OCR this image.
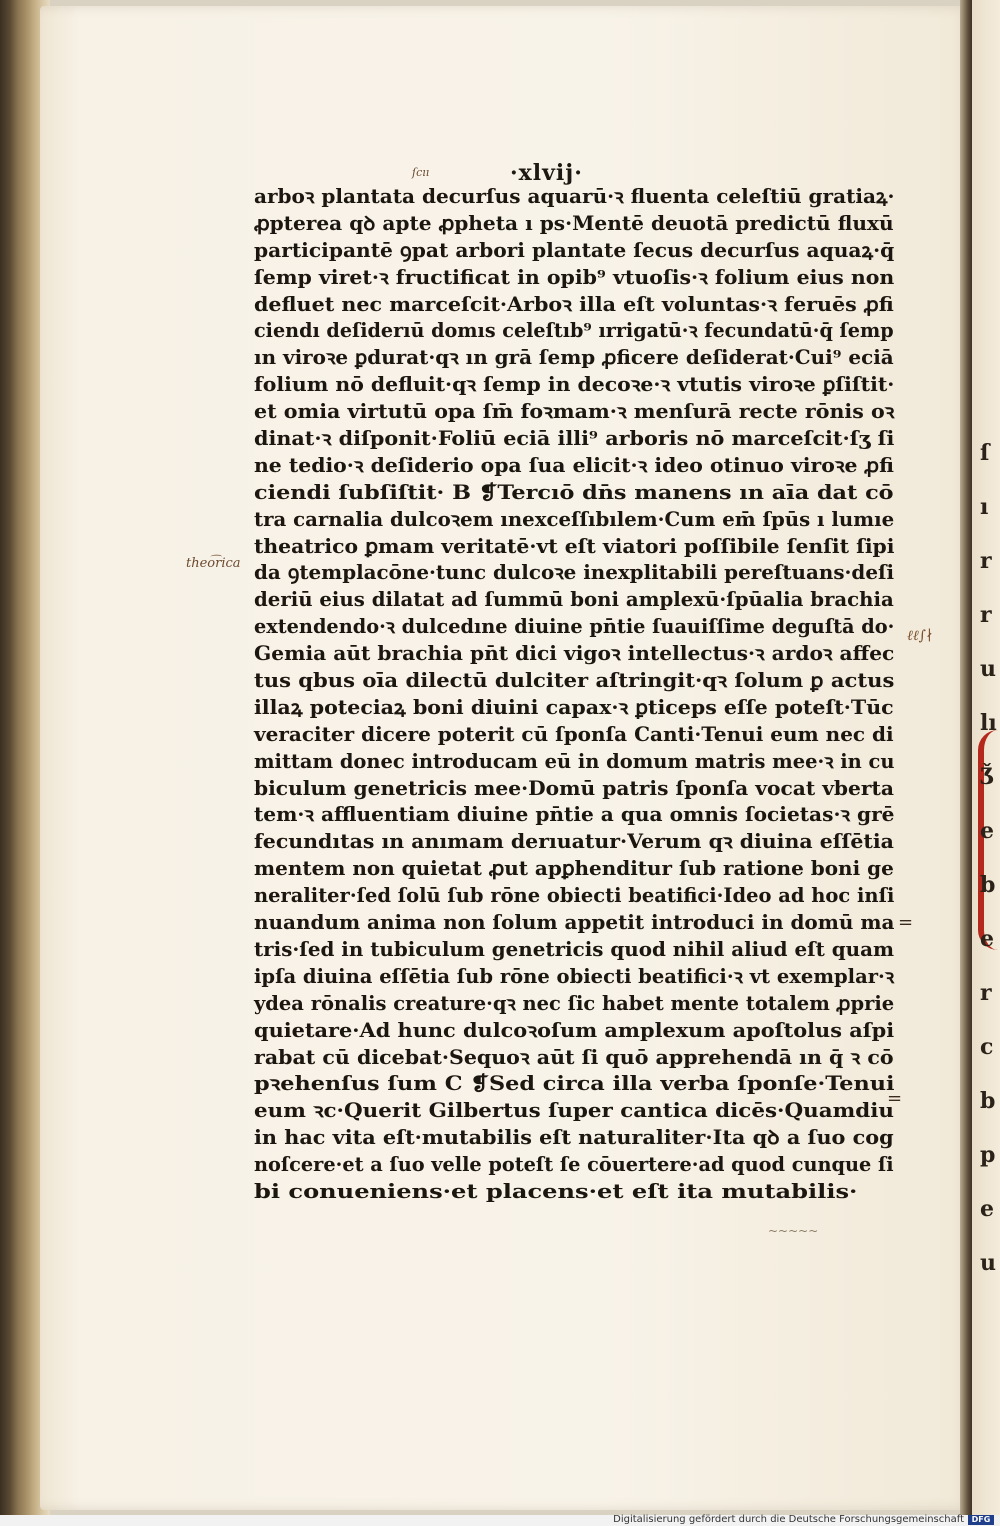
ſ
ı
r
r
u
lı
Ǯ
e
b
e
r
c
b
p
e
u
·xlvij·
ſcıı
theo͡rica
ℓℓ∫∤
=
=
~~~~~
arboꝛ plantata decurſus aquarū·ꝛ fluenta celeſtiū gratiaꝝ·
ꝓpterea qꝺ apte ꝓpheta ı ps·Mentē deuotā predictū fluxū
participantē ꝯpat arbori plantate ſecus decurſus aquaꝝ·q̄
ſemp viret·ꝛ fructificat in opib⁹ vtuoſis·ꝛ folium eius non
defluet nec marceſcit·Arboꝛ illa eſt voluntas·ꝛ feruēs ꝓfi
ciendı deſiderıū domıs celeſtıb⁹ ırrigatū·ꝛ fecundatū·q̄ ſemp
ın viroꝛe ꝑdurat·qꝛ ın grā ſemp ꝓficere deſiderat·Cui⁹ eciā
folium nō defluit·qꝛ ſemp in decoꝛe·ꝛ vtutis viroꝛe ꝑſiſtit·
et omia virtutū opa ſm̄ foꝛmam·ꝛ menſurā recte rōnis oꝛ
dinat·ꝛ diſponit·Foliū eciā illi⁹ arboris nō marceſcit·ſʒ ſi
ne tedio·ꝛ deſiderio opa ſua elicit·ꝛ ideo otinuo viroꝛe ꝓfi
ciendi ſubſiſtit· B ❡Tercıō dn̄s manens ın aīa dat cō
tra carnalia dulcoꝛem ınexceſſıbılem·Cum em̄ ſpūs ı lumıe
theatrico ꝑmam veritatē·vt eſt viatori poſſibile ſenſit ſipi
da ꝯtemplacōne·tunc dulcoꝛe inexplitabili pereſtuans·deſi
deriū eius dilatat ad ſummū boni amplexū·ſpūalia brachia
extendendo·ꝛ dulcedıne diuine pn̄tie ſuauiſſime deguſtā do·
Gemia aūt brachia pn̄t dici vigoꝛ intellectus·ꝛ ardoꝛ affec
tus qbus oīa dilectū dulciter aſtringit·qꝛ ſolum ꝑ actus
illaꝝ poteciaꝝ boni diuini capax·ꝛ ꝑticeps eſſe poteſt·Tūc
veraciter dicere poterit cū ſponſa Canti·Tenui eum nec di
mittam donec introducam eū in domum matris mee·ꝛ in cu
biculum genetricis mee·Domū patris ſponſa vocat vberta
tem·ꝛ affluentiam diuine pn̄tie a qua omnis ſocietas·ꝛ grē
fecundıtas ın anımam derıuatur·Verum qꝛ diuina eſſētia
mentem non quietat ꝓut apꝑhenditur ſub ratione boni ge
neraliter·ſed ſolū ſub rōne obiecti beatifici·Ideo ad hoc inſi
nuandum anima non ſolum appetit introduci in domū ma
tris·ſed in tubiculum genetricis quod nihil aliud eſt quam
ipſa diuina eſſētia ſub rōne obiecti beatifici·ꝛ vt exemplar·ꝛ
ydea rōnalis creature·qꝛ nec ſic habet mente totalem ꝓprie
quietare·Ad hunc dulcoꝛoſum amplexum apoſtolus aſpi
rabat cū dicebat·Sequoꝛ aūt ſi quō apprehendā ın q̄ ꝛ cō
pꝛehenſus ſum C ❡Sed circa illa verba ſponſe·Tenui
eum ꝛc·Querit Gilbertus ſuper cantica dicēs·Quamdiu
in hac vita eſt·mutabilis eſt naturaliter·Ita qꝺ a ſuo cog
noſcere·et a ſuo velle poteſt ſe cōuertere·ad quod cunque ſi
bi conueniens·et placens·et eſt ita mutabilis·
Digitalisierung gefördert durch die Deutsche Forschungsgemeinschaft DFG
